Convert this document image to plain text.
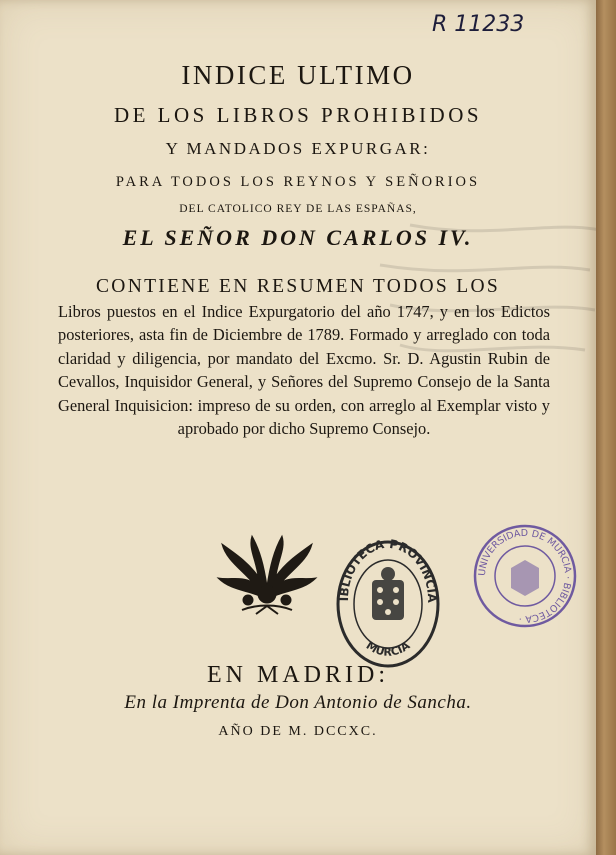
R 11233
INDICE ULTIMO
DE LOS LIBROS PROHIBIDOS
Y MANDADOS EXPURGAR:
PARA TODOS LOS REYNOS Y SEÑORIOS
DEL CATOLICO REY DE LAS ESPAÑAS,
EL SEÑOR DON CARLOS IV.
CONTIENE EN RESUMEN TODOS LOS
Libros puestos en el Indice Expurgatorio del año 1747, y en los Edictos posteriores, asta fin de Diciembre de 1789. Formado y arreglado con toda claridad y diligencia, por mandato del Excmo. Sr. D. Agustin Rubin de Cevallos, Inquisidor General, y Señores del Supremo Consejo de la Santa General Inquisicion: impreso de su orden, con arreglo al Exemplar visto y aprobado por dicho Supremo Consejo.
IBLIOTECA PROVINCIA
MURCIA
UNIVERSIDAD DE MURCIA · BIBLIOTECA ·
EN MADRID:
En la Imprenta de Don Antonio de Sancha.
AÑO DE M. DCCXC.
